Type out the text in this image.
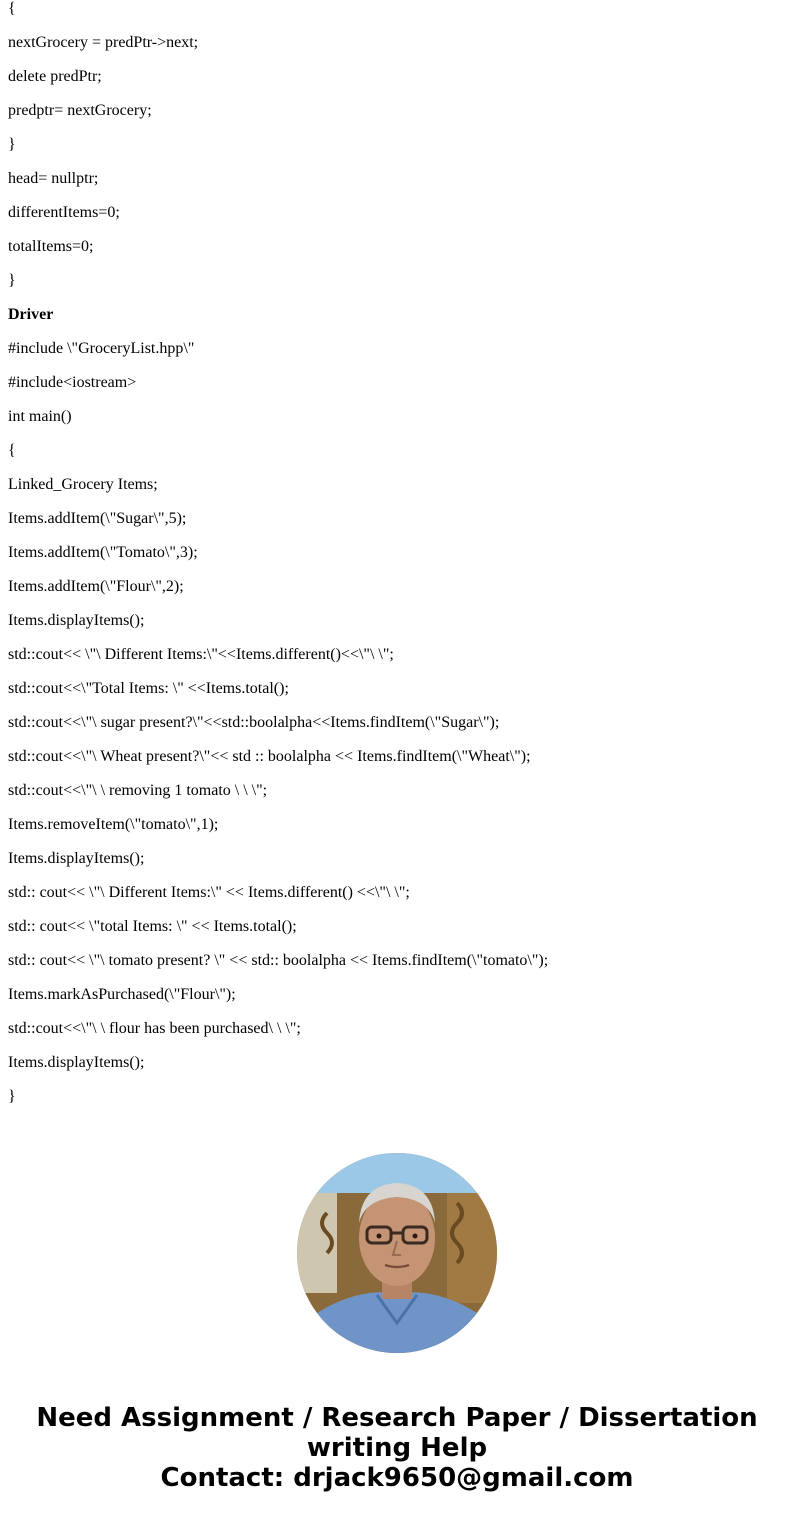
{

nextGrocery = predPtr->next;

delete predPtr;

predptr= nextGrocery;

}

head= nullptr;

differentItems=0;

totalItems=0;

}

Driver

#include \"GroceryList.hpp\"

#include<iostream>

int main()

{

Linked_Grocery Items;

Items.addItem(\"Sugar\",5);

Items.addItem(\"Tomato\",3);

Items.addItem(\"Flour\",2);

Items.displayItems();

std::cout<< \"\ Different Items:\"<<Items.different()<<\"\ \";

std::cout<<\"Total Items: \" <<Items.total();

std::cout<<\"\ sugar present?\"<<std::boolalpha<<Items.findItem(\"Sugar\");

std::cout<<\"\ Wheat present?\"<< std :: boolalpha << Items.findItem(\"Wheat\");

std::cout<<\"\ \ removing 1 tomato \ \ \";

Items.removeItem(\"tomato\",1);

Items.displayItems();

std:: cout<< \"\ Different Items:\" << Items.different() <<\"\ \";

std:: cout<< \"total Items: \" << Items.total();

std:: cout<< \"\ tomato present? \" << std:: boolalpha << Items.findItem(\"tomato\");

Items.markAsPurchased(\"Flour\");

std::cout<<\"\ \ flour has been purchased\ \ \";

Items.displayItems();

}

Need Assignment / Research Paper / Dissertation
writing Help
Contact: drjack9650@gmail.com
